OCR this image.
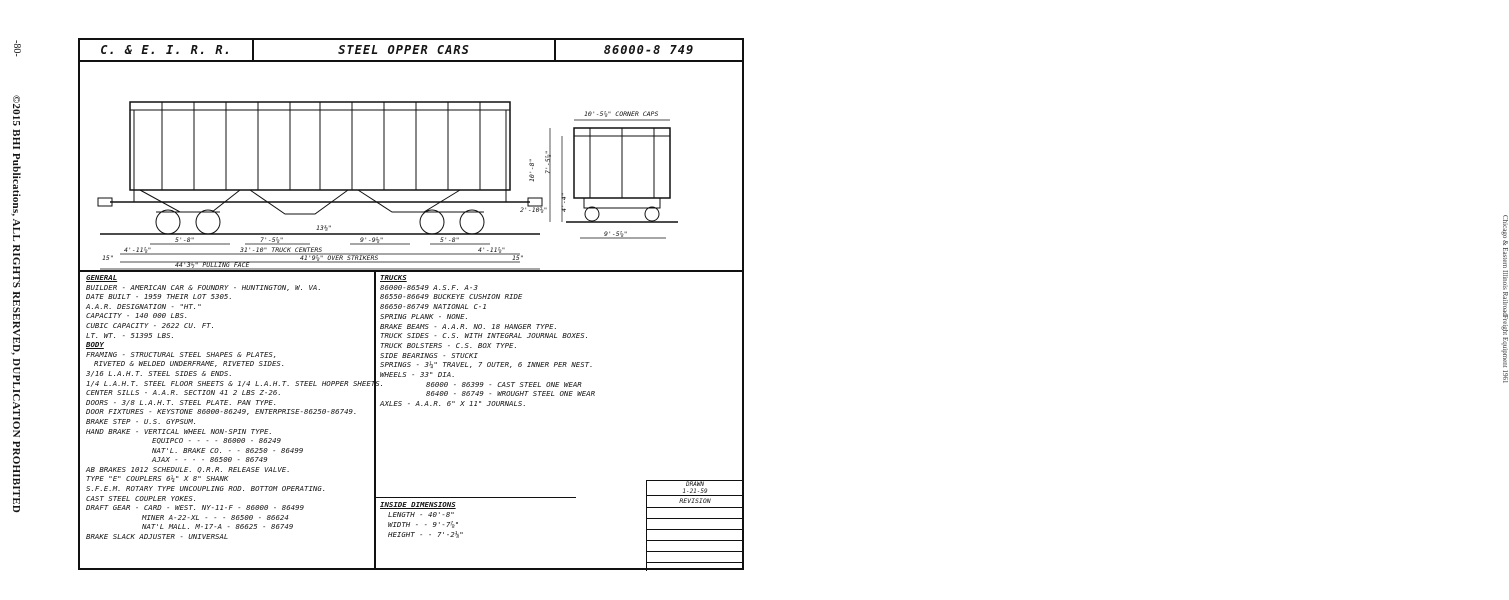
-80-
©2015 BHI Publications, ALL RIGHTS RESERVED, DUPLICATION PROHIBITED	Chicago & Eastern Illinois Railroad
Freight Equipment 1961
C. & E. I. R. R.	STEEL OPPER CARS	86000-8 749
5'-8"	7'-5⅞"
13⅜"
9'-9⅛"	5'-8"
4'-11⅞"	31'-10" TRUCK CENTERS	4'-11⅞"
41'9⅞" OVER STRIKERS
44'3½" PULLING FACE
15"	15"
2'-10⅝"
10'-5⅞" CORNER CAPS
10'-8" 7'-5⅞"
4'-4"
9'-5⅞"
GENERAL
BUILDER - AMERICAN CAR & FOUNDRY - HUNTINGTON, W. VA.
DATE BUILT - 1959 THEIR LOT 5305.
A.A.R. DESIGNATION - "HT."
CAPACITY - 140 000 LBS.
CUBIC CAPACITY - 2622 CU. FT.
LT. WT. - 51395 LBS.
BODY
FRAMING - STRUCTURAL STEEL SHAPES & PLATES,
RIVETED & WELDED UNDERFRAME, RIVETED SIDES.
3/16 L.A.H.T. STEEL SIDES & ENDS.
1/4 L.A.H.T. STEEL FLOOR SHEETS & 1/4 L.A.H.T. STEEL HOPPER SHEETS.
CENTER SILLS - A.A.R. SECTION 41 2 LBS Z-26.
DOORS - 3/8 L.A.H.T. STEEL PLATE. PAN TYPE.
DOOR FIXTURES - KEYSTONE 86000-86249, ENTERPRISE-86250-86749.
BRAKE STEP - U.S. GYPSUM.
HAND BRAKE - VERTICAL WHEEL NON-SPIN TYPE.
EQUIPCO - - - - 86000 - 86249
NAT'L. BRAKE CO. - - 86250 - 86499
AJAX - - - - 86500 - 86749
AB BRAKES 1012 SCHEDULE. Q.R.R. RELEASE VALVE.
TYPE "E" COUPLERS 6¼" X 8" SHANK
S.F.E.M. ROTARY TYPE UNCOUPLING ROD. BOTTOM OPERATING.
CAST STEEL COUPLER YOKES.
DRAFT GEAR - CARD - WEST. NY-11-F - 86000 - 86499
MINER A-22-XL - - - 86500 - 86624
NAT'L MALL. M-17-A - 86625 - 86749
BRAKE SLACK ADJUSTER - UNIVERSAL
TRUCKS
86000-86549 A.S.F. A-3
86550-86649 BUCKEYE CUSHION RIDE
86650-86749 NATIONAL C-1
SPRING PLANK - NONE.
BRAKE BEAMS - A.A.R. NO. 18 HANGER TYPE.
TRUCK SIDES - C.S. WITH INTEGRAL JOURNAL BOXES.
TRUCK BOLSTERS - C.S. BOX TYPE.
SIDE BEARINGS - STUCKI
SPRINGS - 3¼" TRAVEL, 7 OUTER, 6 INNER PER NEST.
WHEELS - 33" DIA.
86000 - 86399 - CAST STEEL ONE WEAR
86400 - 86749 - WROUGHT STEEL ONE WEAR
AXLES - A.A.R. 6" X 11" JOURNALS.
INSIDE DIMENSIONS
LENGTH - 40'-8"
WIDTH - - 9'-7⅞"
HEIGHT - - 7'-2⅛"
DRAWN
1-21-59
REVISION
